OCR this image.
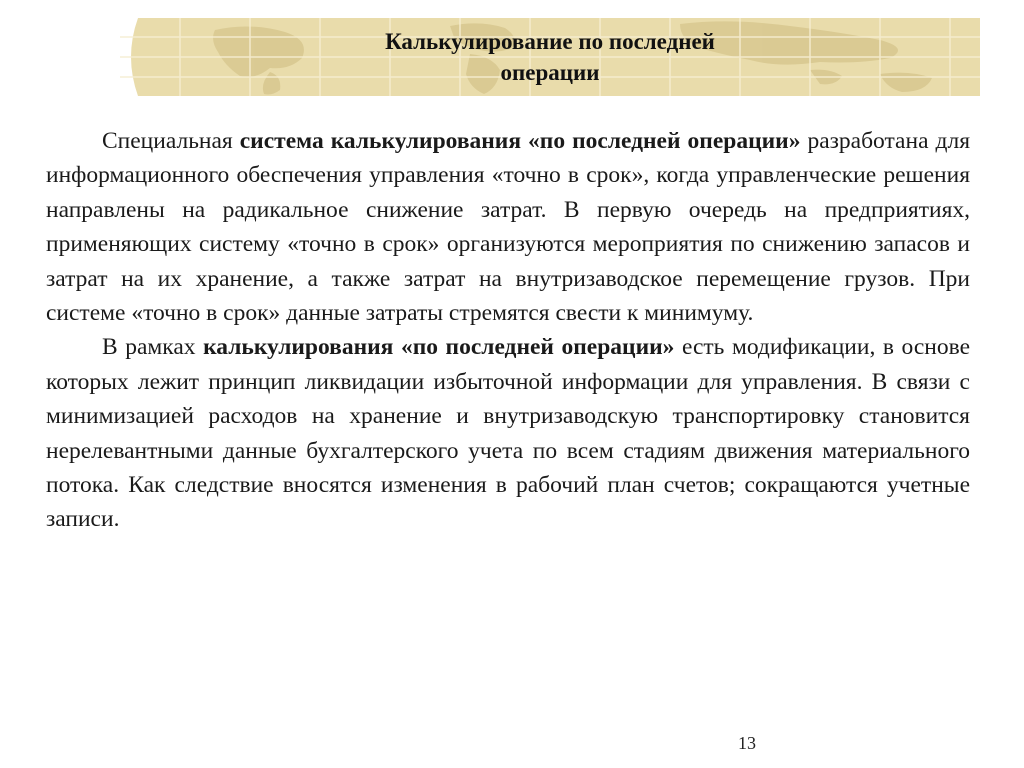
Калькулирование по последней
операции

Специальная система калькулирования «по последней операции» разработана для информационного обеспечения управления «точно в срок», когда управленческие решения направлены на радикальное снижение затрат. В первую очередь на предприятиях, применяющих систему «точно в срок» организуются мероприятия по снижению запасов и затрат на их хранение, а также затрат на внутризаводское перемещение грузов. При системе «точно в срок» данные затраты стремятся свести к минимуму.

В рамках калькулирования «по последней операции» есть модификации, в основе которых лежит принцип ликвидации избыточной информации для управления. В связи с минимизацией расходов на хранение и внутризаводскую транспортировку становится нерелевантными данные бухгалтерского учета по всем стадиям движения материального потока. Как следствие вносятся изменения в рабочий план счетов; сокращаются учетные записи.

13
